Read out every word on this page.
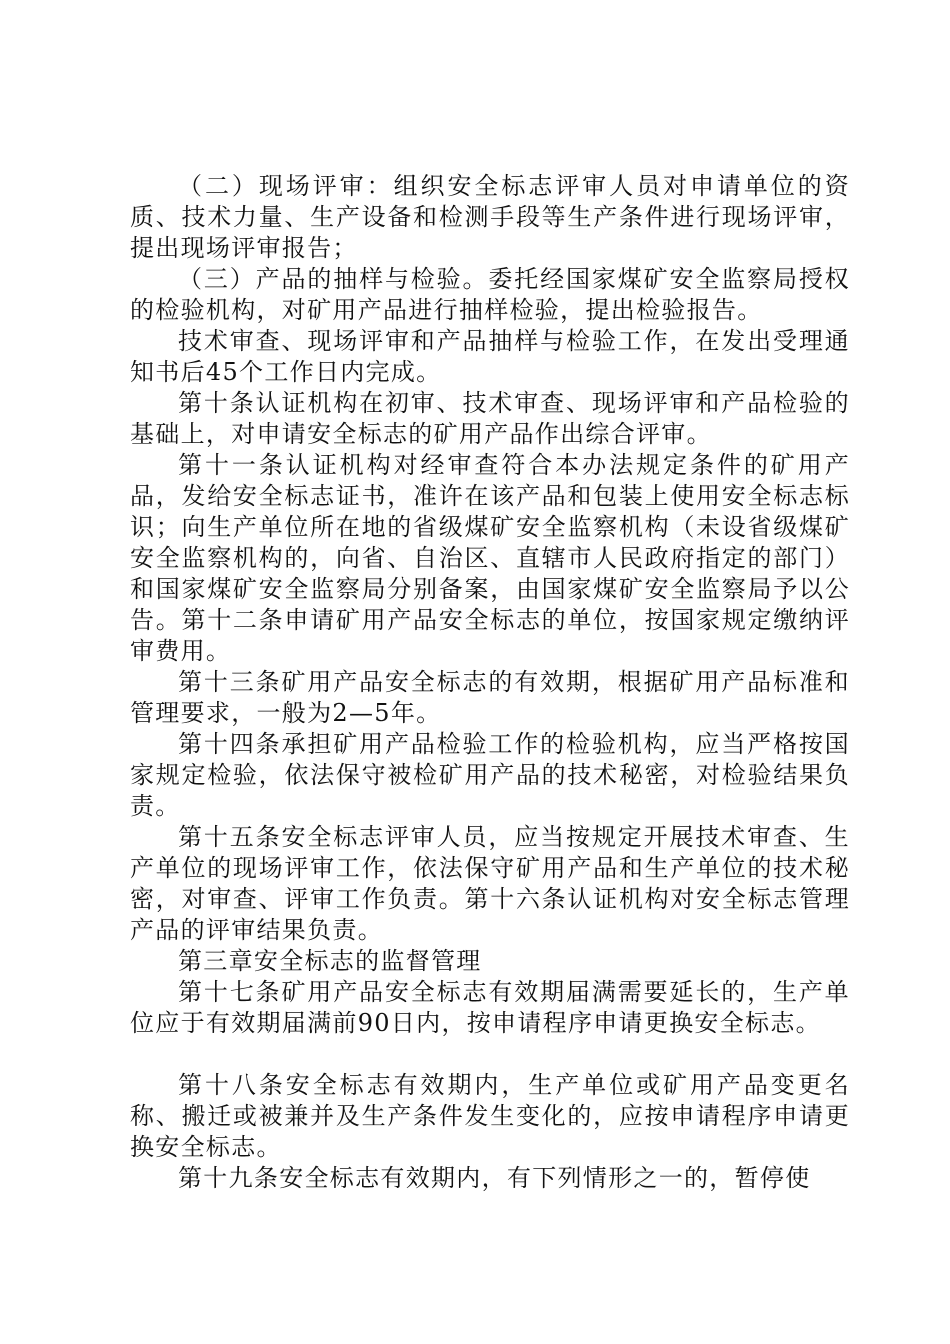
（二）现场评审：组织安全标志评审人员对申请单位的资质、技术力量、生产设备和检测手段等生产条件进行现场评审，提出现场评审报告；

（三）产品的抽样与检验。委托经国家煤矿安全监察局授权的检验机构，对矿用产品进行抽样检验，提出检验报告。

技术审查、现场评审和产品抽样与检验工作，在发出受理通知书后45个工作日内完成。

第十条认证机构在初审、技术审查、现场评审和产品检验的基础上，对申请安全标志的矿用产品作出综合评审。

第十一条认证机构对经审查符合本办法规定条件的矿用产品，发给安全标志证书，准许在该产品和包装上使用安全标志标识；向生产单位所在地的省级煤矿安全监察机构（未设省级煤矿安全监察机构的，向省、自治区、直辖市人民政府指定的部门）和国家煤矿安全监察局分别备案，由国家煤矿安全监察局予以公告。第十二条申请矿用产品安全标志的单位，按国家规定缴纳评审费用。

第十三条矿用产品安全标志的有效期，根据矿用产品标准和管理要求，一般为2—5年。

第十四条承担矿用产品检验工作的检验机构，应当严格按国家规定检验，依法保守被检矿用产品的技术秘密，对检验结果负责。

第十五条安全标志评审人员，应当按规定开展技术审查、生产单位的现场评审工作，依法保守矿用产品和生产单位的技术秘密，对审查、评审工作负责。第十六条认证机构对安全标志管理产品的评审结果负责。

第三章安全标志的监督管理

第十七条矿用产品安全标志有效期届满需要延长的，生产单位应于有效期届满前90日内，按申请程序申请更换安全标志。

第十八条安全标志有效期内，生产单位或矿用产品变更名称、搬迁或被兼并及生产条件发生变化的，应按申请程序申请更换安全标志。

第十九条安全标志有效期内，有下列情形之一的，暂停使
